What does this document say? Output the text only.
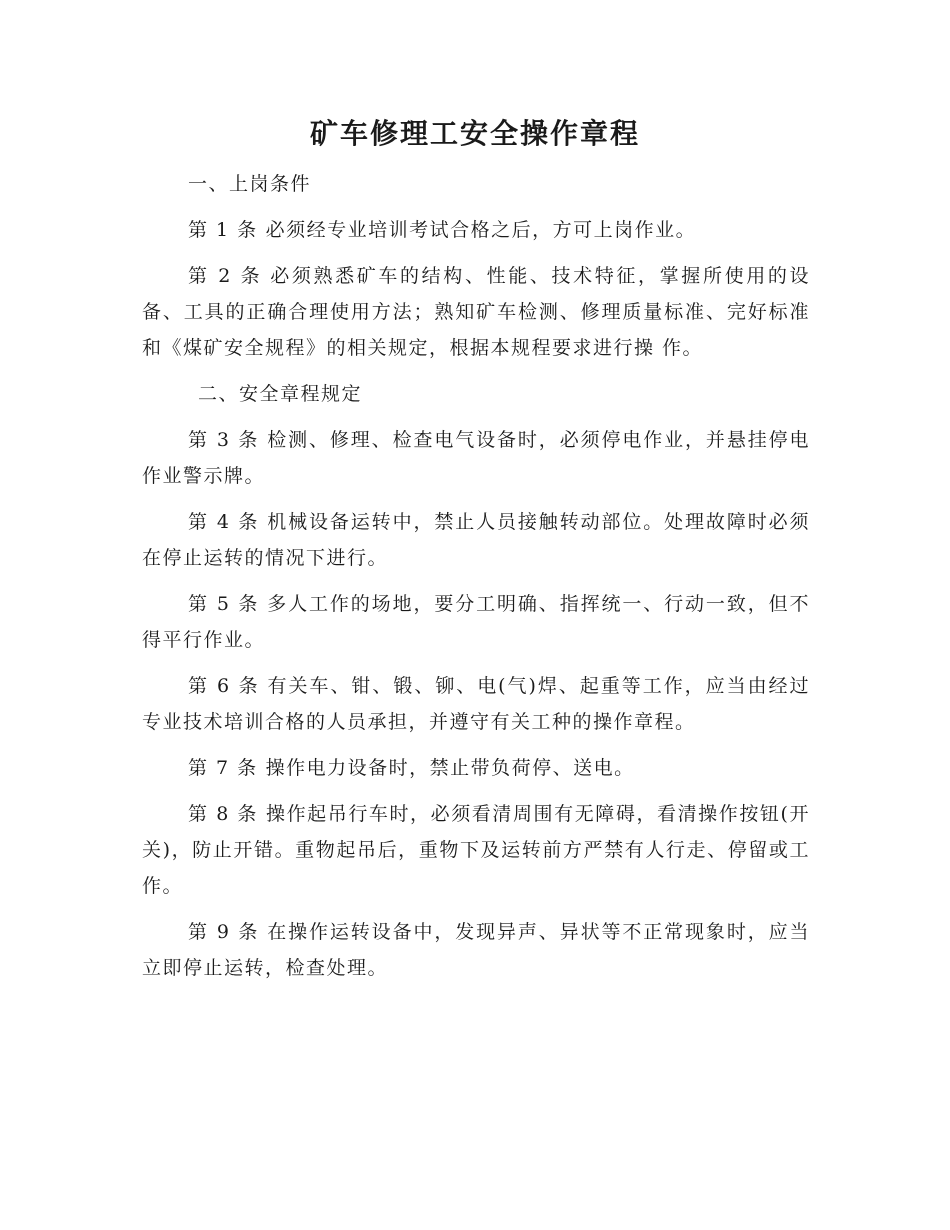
矿车修理工安全操作章程

一、上岗条件

第 1 条 必须经专业培训考试合格之后，方可上岗作业。

第 2 条 必须熟悉矿车的结构、性能、技术特征，掌握所使用的设备、工具的正确合理使用方法；熟知矿车检测、修理质量标准、完好标准和《煤矿安全规程》的相关规定，根据本规程要求进行操 作。

二、安全章程规定

第 3 条 检测、修理、检查电气设备时，必须停电作业，并悬挂停电作业警示牌。

第 4 条 机械设备运转中，禁止人员接触转动部位。处理故障时必须在停止运转的情况下进行。

第 5 条 多人工作的场地，要分工明确、指挥统一、行动一致，但不得平行作业。

第 6 条 有关车、钳、锻、铆、电(气)焊、起重等工作，应当由经过专业技术培训合格的人员承担，并遵守有关工种的操作章程。

第 7 条 操作电力设备时，禁止带负荷停、送电。

第 8 条 操作起吊行车时，必须看清周围有无障碍，看清操作按钮(开关)，防止开错。重物起吊后，重物下及运转前方严禁有人行走、停留或工作。

第 9 条 在操作运转设备中，发现异声、异状等不正常现象时，应当立即停止运转，检查处理。
